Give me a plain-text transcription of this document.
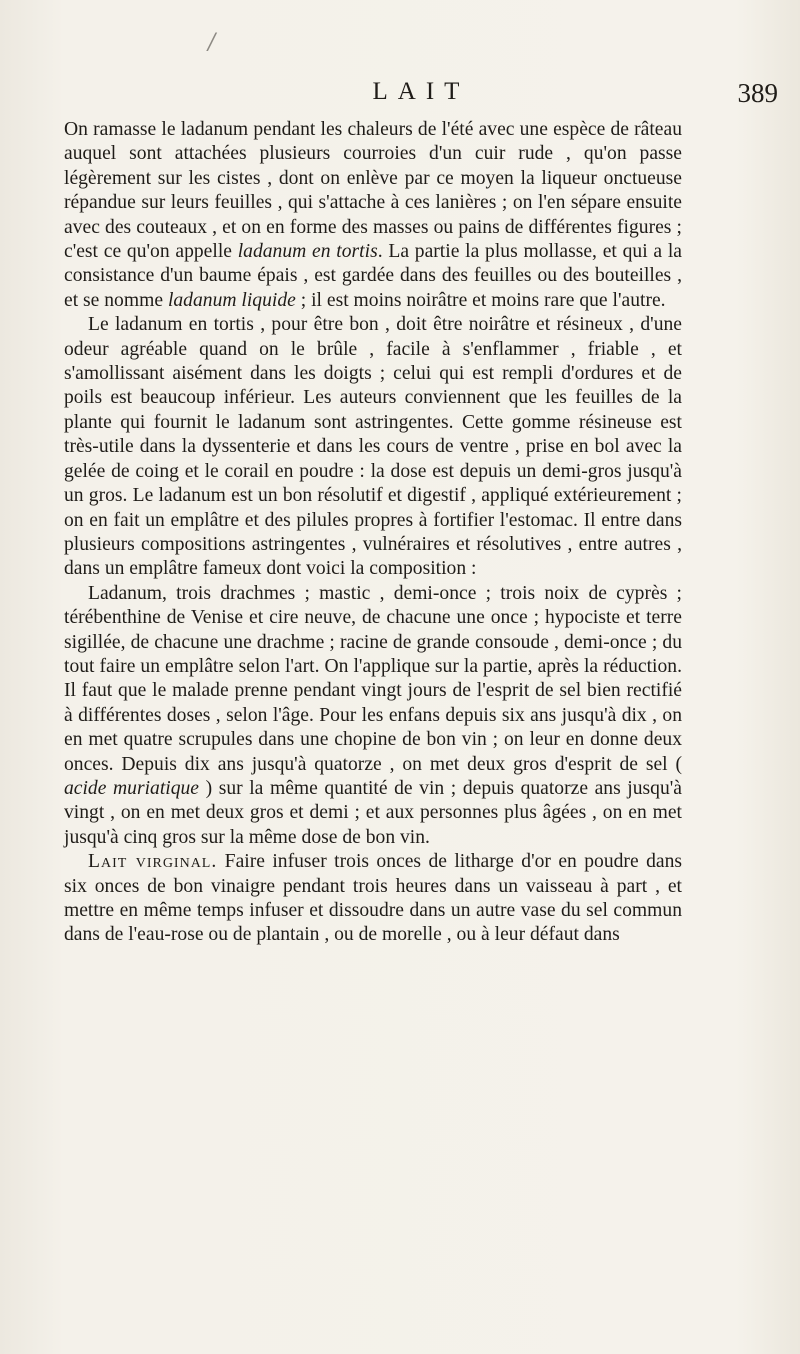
/
LAIT	389

On ramasse le ladanum pendant les chaleurs de l'été avec une espèce de râteau auquel sont attachées plusieurs courroies d'un cuir rude , qu'on passe légèrement sur les cistes , dont on enlève par ce moyen la liqueur onctueuse répandue sur leurs feuilles , qui s'attache à ces lanières ; on l'en sépare ensuite avec des couteaux , et on en forme des masses ou pains de différentes figures ; c'est ce qu'on appelle ladanum en tortis. La partie la plus mollasse, et qui a la consistance d'un baume épais , est gardée dans des feuilles ou des bouteilles , et se nomme ladanum liquide ; il est moins noirâtre et moins rare que l'autre.

Le ladanum en tortis , pour être bon , doit être noirâtre et résineux , d'une odeur agréable quand on le brûle , facile à s'enflammer , friable , et s'amollissant aisément dans les doigts ; celui qui est rempli d'ordures et de poils est beaucoup inférieur. Les auteurs conviennent que les feuilles de la plante qui fournit le ladanum sont astringentes. Cette gomme résineuse est très-utile dans la dyssenterie et dans les cours de ventre , prise en bol avec la gelée de coing et le corail en poudre : la dose est depuis un demi-gros jusqu'à un gros. Le ladanum est un bon résolutif et digestif , appliqué extérieurement ; on en fait un emplâtre et des pilules propres à fortifier l'estomac. Il entre dans plusieurs compositions astringentes , vulnéraires et résolutives , entre autres , dans un emplâtre fameux dont voici la composition :

Ladanum, trois drachmes ; mastic , demi-once ; trois noix de cyprès ; térébenthine de Venise et cire neuve, de chacune une once ; hypociste et terre sigillée, de chacune une drachme ; racine de grande consoude , demi-once ; du tout faire un emplâtre selon l'art. On l'applique sur la partie, après la réduction. Il faut que le malade prenne pendant vingt jours de l'esprit de sel bien rectifié à différentes doses , selon l'âge. Pour les enfans depuis six ans jusqu'à dix , on en met quatre scrupules dans une chopine de bon vin ; on leur en donne deux onces. Depuis dix ans jusqu'à quatorze , on met deux gros d'esprit de sel ( acide muriatique ) sur la même quantité de vin ; depuis quatorze ans jusqu'à vingt , on en met deux gros et demi ; et aux personnes plus âgées , on en met jusqu'à cinq gros sur la même dose de bon vin.

Lait virginal. Faire infuser trois onces de litharge d'or en poudre dans six onces de bon vinaigre pendant trois heures dans un vaisseau à part , et mettre en même temps infuser et dissoudre dans un autre vase du sel commun dans de l'eau-rose ou de plantain , ou de morelle , ou à leur défaut dans
